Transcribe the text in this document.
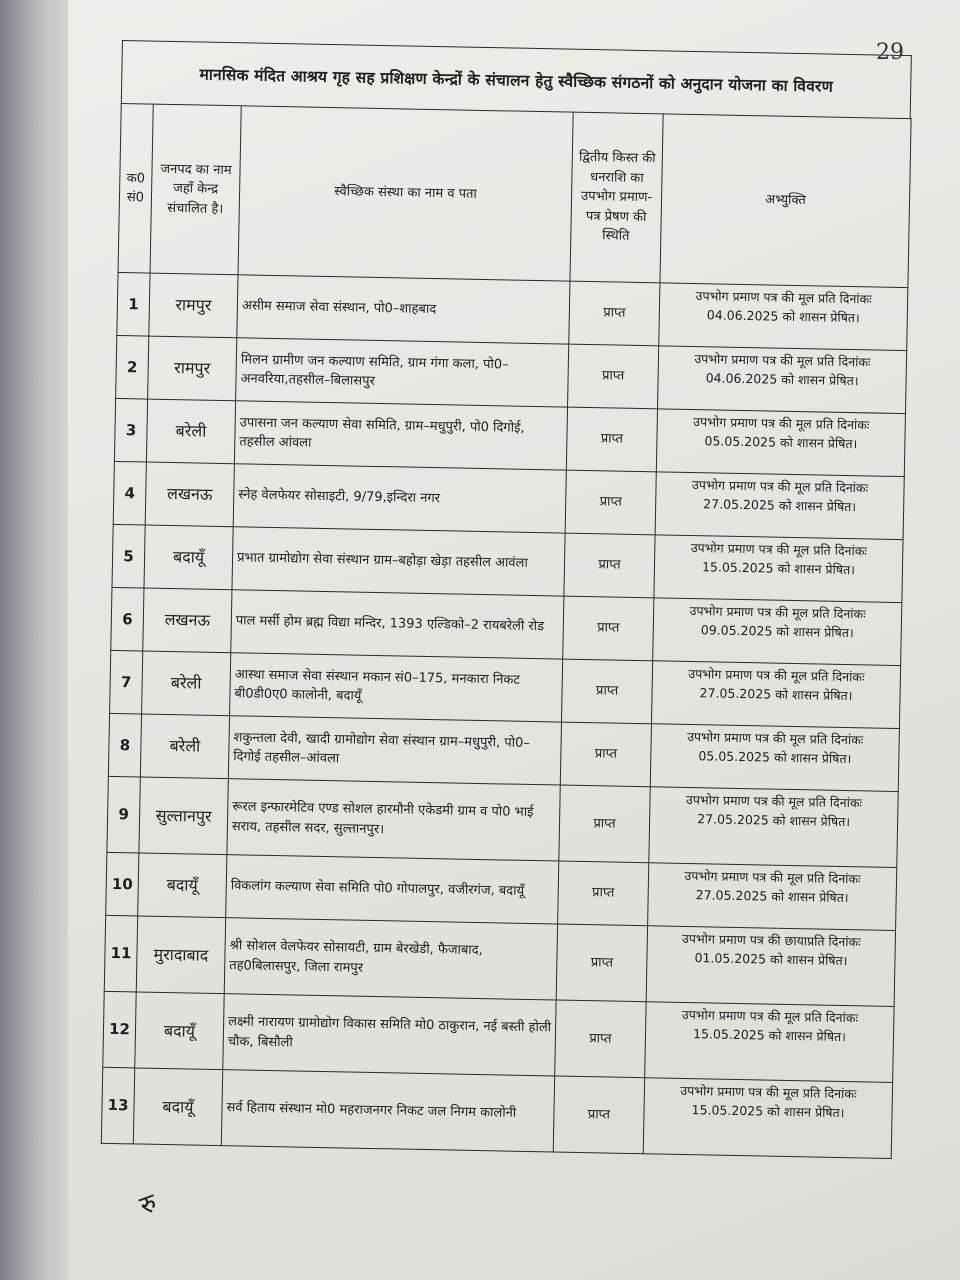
29
मानसिक मंदित आश्रय गृह सह प्रशिक्षण केन्द्रों के संचालन हेतु स्वैच्छिक संगठनों को अनुदान योजना का विवरण
क0 सं0	जनपद का नाम जहाँ केन्द्र संचालित है।	स्वैच्छिक संस्था का नाम व पता	द्वितीय किस्त की धनराशि का उपभोग प्रमाण-पत्र प्रेषण की स्थिति	अभ्युक्ति
1	रामपुर	असीम समाज सेवा संस्थान, पो0–शाहबाद	प्राप्त	उपभोग प्रमाण पत्र की मूल प्रति दिनांकः 04.06.2025 को शासन प्रेषित।
2	रामपुर	मिलन ग्रामीण जन कल्याण समिति, ग्राम गंगा कला, पो0–अनवरिया,तहसील–बिलासपुर	प्राप्त	उपभोग प्रमाण पत्र की मूल प्रति दिनांकः 04.06.2025 को शासन प्रेषित।
3	बरेली	उपासना जन कल्याण सेवा समिति, ग्राम–मधुपुरी, पो0 दिगोई, तहसील आंवला	प्राप्त	उपभोग प्रमाण पत्र की मूल प्रति दिनांकः 05.05.2025 को शासन प्रेषित।
4	लखनऊ	स्नेह वेलफेयर सोसाइटी, 9/79,इन्दिरा नगर	प्राप्त	उपभोग प्रमाण पत्र की मूल प्रति दिनांकः 27.05.2025 को शासन प्रेषित।
5	बदायूँ	प्रभात ग्रामोद्योग सेवा संस्थान ग्राम–बहोड़ा खेड़ा तहसील आवंला	प्राप्त	उपभोग प्रमाण पत्र की मूल प्रति दिनांकः 15.05.2025 को शासन प्रेषित।
6	लखनऊ	पाल मर्सी होम ब्रह्म विद्या मन्दिर, 1393 एल्डिको–2 रायबरेली रोड	प्राप्त	उपभोग प्रमाण पत्र की मूल प्रति दिनांकः 09.05.2025 को शासन प्रेषित।
7	बरेली	आस्था समाज सेवा संस्थान मकान सं0–175, मनकारा निकट बी0डी0ए0 कालोनी, बदायूँ	प्राप्त	उपभोग प्रमाण पत्र की मूल प्रति दिनांकः 27.05.2025 को शासन प्रेषित।
8	बरेली	शकुन्तला देवी, खादी ग्रामोद्योग सेवा संस्थान ग्राम–मधुपुरी, पो0–दिगोई तहसील–आंवला	प्राप्त	उपभोग प्रमाण पत्र की मूल प्रति दिनांकः 05.05.2025 को शासन प्रेषित।
9	सुल्तानपुर	रूरल इन्फारमेटिव एण्ड सोशल हारमौनी एकेडमी ग्राम व पो0 भाई सराय, तहसील सदर, सुल्तानपुर।	प्राप्त	उपभोग प्रमाण पत्र की मूल प्रति दिनांकः 27.05.2025 को शासन प्रेषित।
10	बदायूँ	विकलांग कल्याण सेवा समिति पो0 गोपालपुर, वजीरगंज, बदायूँ	प्राप्त	उपभोग प्रमाण पत्र की मूल प्रति दिनांकः 27.05.2025 को शासन प्रेषित।
11	मुरादाबाद	श्री सोशल वेलफेयर सोसायटी, ग्राम बेरखेडी, फैजाबाद, तह0बिलासपुर, जिला रामपुर	प्राप्त	उपभोग प्रमाण पत्र की छायाप्रति दिनांकः 01.05.2025 को शासन प्रेषित।
12	बदायूँ	लक्ष्मी नारायण ग्रामोद्योग विकास समिति मो0 ठाकुरान, नई बस्ती होली चौक, बिसौली	प्राप्त	उपभोग प्रमाण पत्र की मूल प्रति दिनांकः 15.05.2025 को शासन प्रेषित।
13	बदायूँ	सर्व हिताय संस्थान मो0 महराजनगर निकट जल निगम कालोनी	प्राप्त	उपभोग प्रमाण पत्र की मूल प्रति दिनांकः 15.05.2025 को शासन प्रेषित।
रु
